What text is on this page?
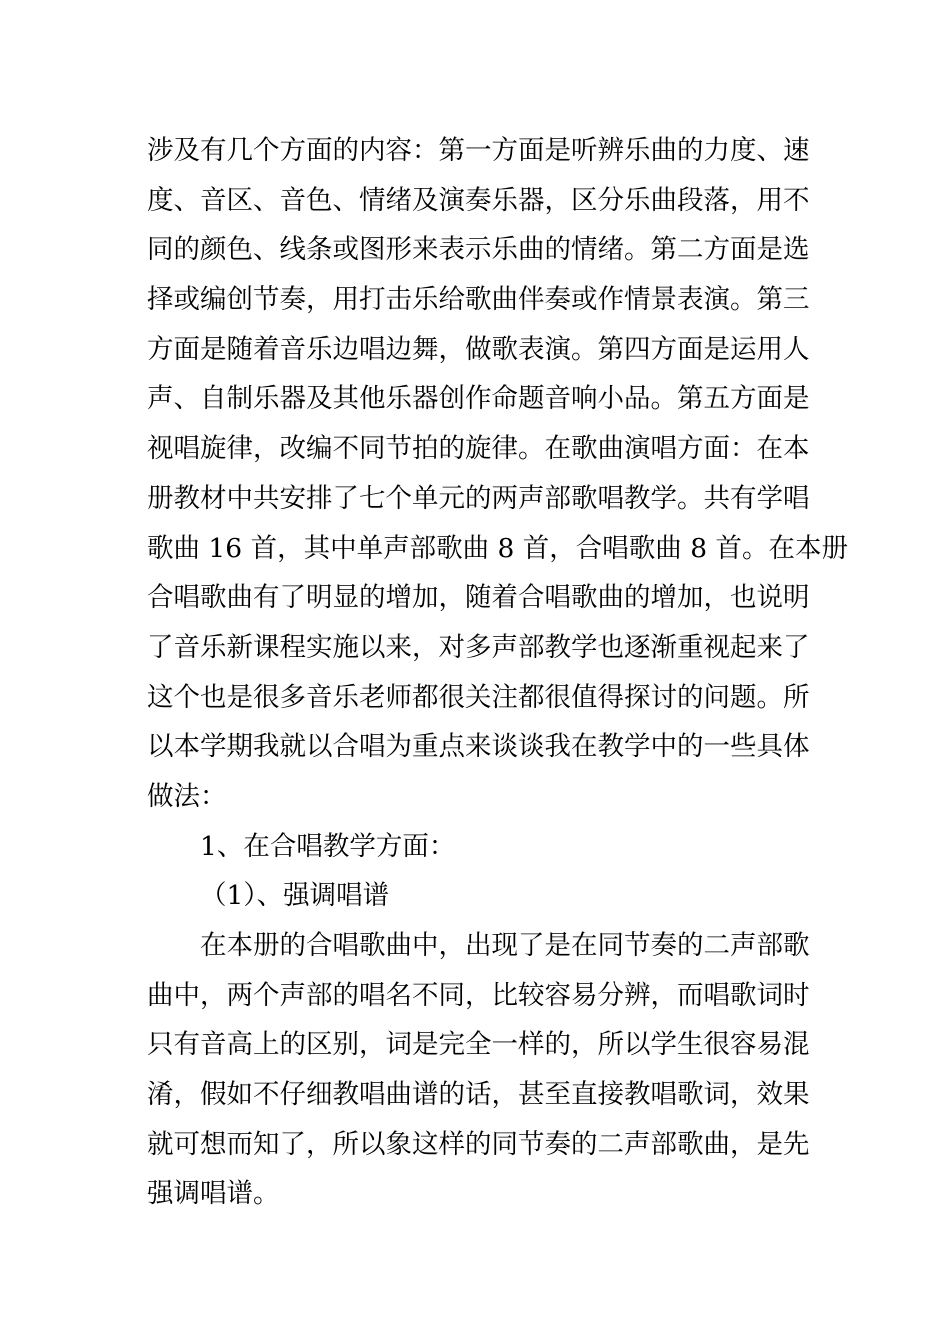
涉及有几个方面的内容：第一方面是听辨乐曲的力度、速
度、音区、音色、情绪及演奏乐器，区分乐曲段落，用不
同的颜色、线条或图形来表示乐曲的情绪。第二方面是选
择或编创节奏，用打击乐给歌曲伴奏或作情景表演。第三
方面是随着音乐边唱边舞，做歌表演。第四方面是运用人
声、自制乐器及其他乐器创作命题音响小品。第五方面是
视唱旋律，改编不同节拍的旋律。在歌曲演唱方面：在本
册教材中共安排了七个单元的两声部歌唱教学。共有学唱
歌曲 16 首，其中单声部歌曲 8 首，合唱歌曲 8 首。在本册
合唱歌曲有了明显的增加，随着合唱歌曲的增加，也说明
了音乐新课程实施以来，对多声部教学也逐渐重视起来了
这个也是很多音乐老师都很关注都很值得探讨的问题。所
以本学期我就以合唱为重点来谈谈我在教学中的一些具体
做法：
1、在合唱教学方面：
（1）、强调唱谱
在本册的合唱歌曲中，出现了是在同节奏的二声部歌
曲中，两个声部的唱名不同，比较容易分辨，而唱歌词时
只有音高上的区别，词是完全一样的，所以学生很容易混
淆，假如不仔细教唱曲谱的话，甚至直接教唱歌词，效果
就可想而知了，所以象这样的同节奏的二声部歌曲，是先
强调唱谱。
